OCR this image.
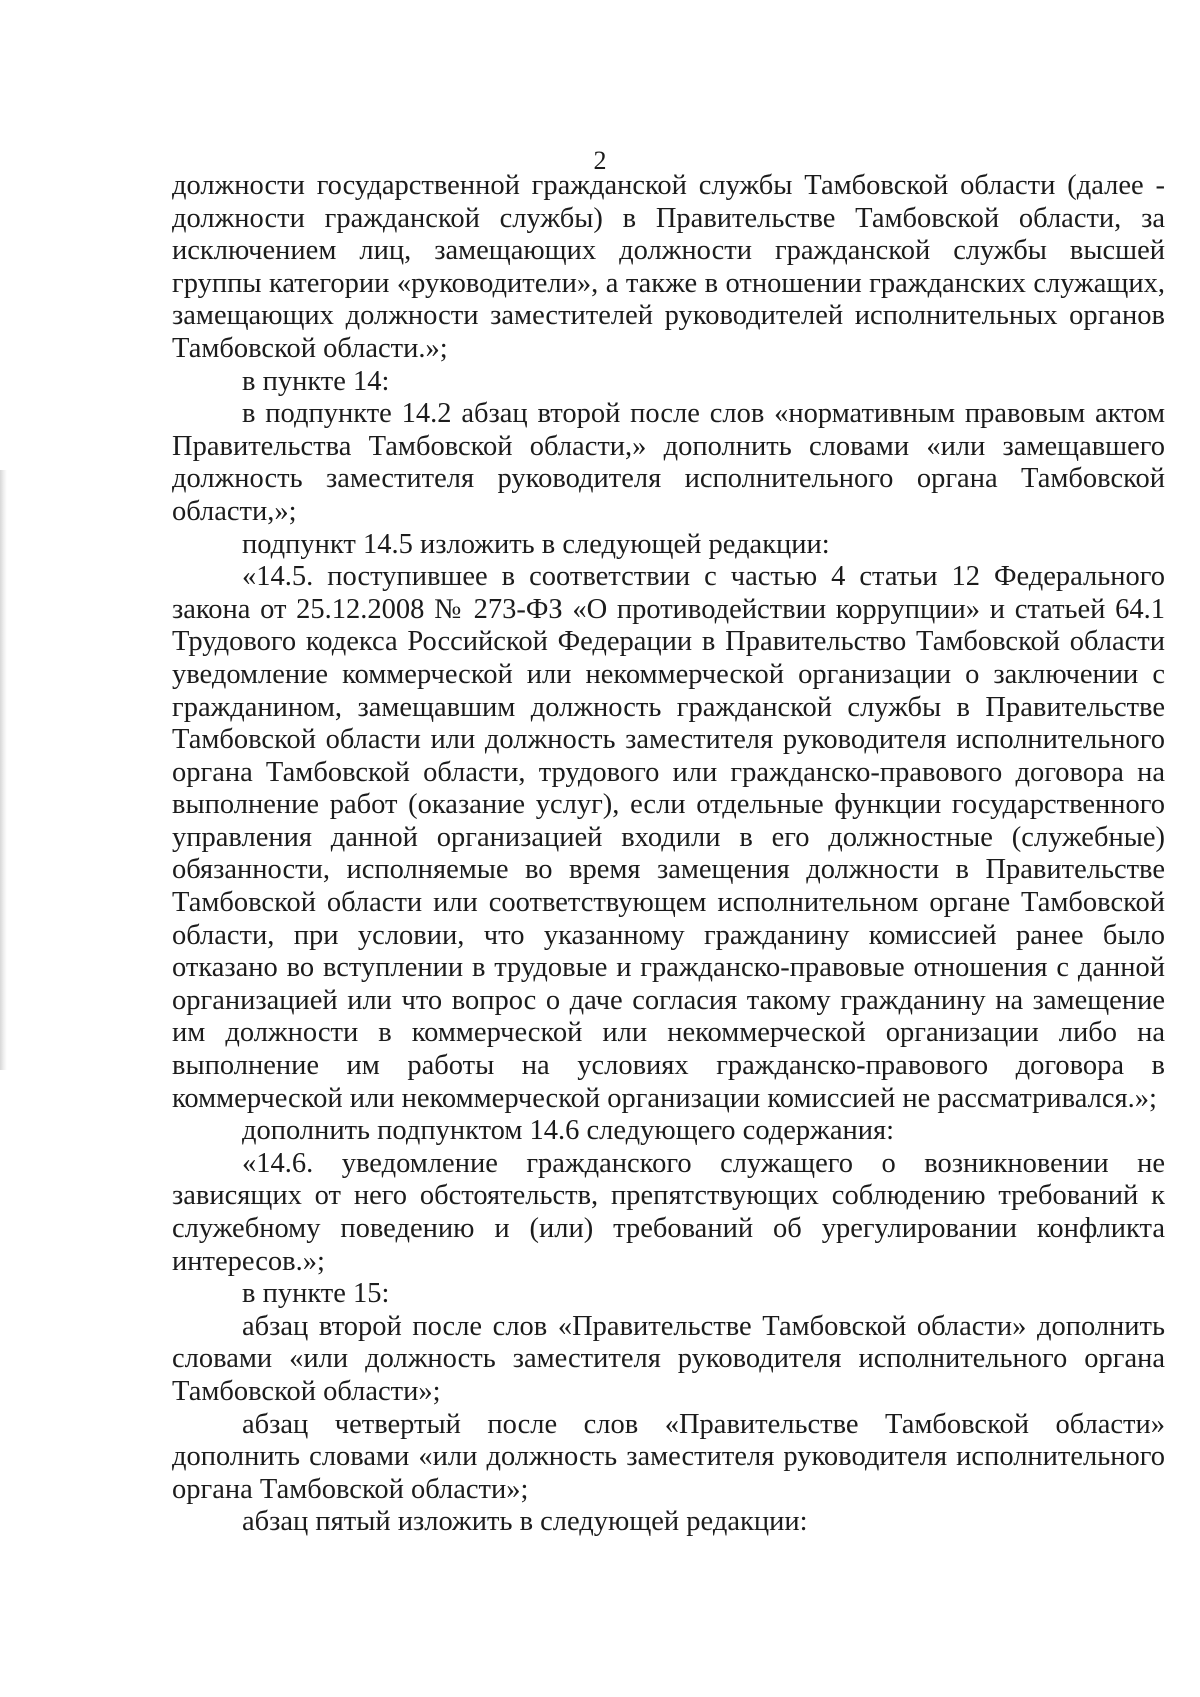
2

должности государственной гражданской службы Тамбовской области (далее - должности гражданской службы) в Правительстве Тамбовской области, за исключением лиц, замещающих должности гражданской службы высшей группы категории «руководители», а также в отношении гражданских служащих, замещающих должности заместителей руководителей исполнительных органов Тамбовской области.»;

в пункте 14:

в подпункте 14.2 абзац второй после слов «нормативным правовым актом Правительства Тамбовской области,» дополнить словами «или замещавшего должность заместителя руководителя исполнительного органа Тамбовской области,»;

подпункт 14.5 изложить в следующей редакции:

«14.5. поступившее в соответствии с частью 4 статьи 12 Федерального закона от 25.12.2008 № 273-ФЗ «О противодействии коррупции» и статьей 64.1 Трудового кодекса Российской Федерации в Правительство Тамбовской области уведомление коммерческой или некоммерческой организации о заключении с гражданином, замещавшим должность гражданской службы в Правительстве Тамбовской области или должность заместителя руководителя исполнительного органа Тамбовской области, трудового или гражданско-правового договора на выполнение работ (оказание услуг), если отдельные функции государственного управления данной организацией входили в его должностные (служебные) обязанности, исполняемые во время замещения должности в Правительстве Тамбовской области или соответствующем исполнительном органе Тамбовской области, при условии, что указанному гражданину комиссией ранее было отказано во вступлении в трудовые и гражданско-правовые отношения с данной организацией или что вопрос о даче согласия такому гражданину на замещение им должности в коммерческой или некоммерческой организации либо на выполнение им работы на условиях гражданско-правового договора в коммерческой или некоммерческой организации комиссией не рассматривался.»;

дополнить подпунктом 14.6 следующего содержания:

«14.6. уведомление гражданского служащего о возникновении не зависящих от него обстоятельств, препятствующих соблюдению требований к служебному поведению и (или) требований об урегулировании конфликта интересов.»;

в пункте 15:

абзац второй после слов «Правительстве Тамбовской области» дополнить словами «или должность заместителя руководителя исполнительного органа Тамбовской области»;

абзац четвертый после слов «Правительстве Тамбовской области» дополнить словами «или должность заместителя руководителя исполнительного органа Тамбовской области»;

абзац пятый изложить в следующей редакции:
